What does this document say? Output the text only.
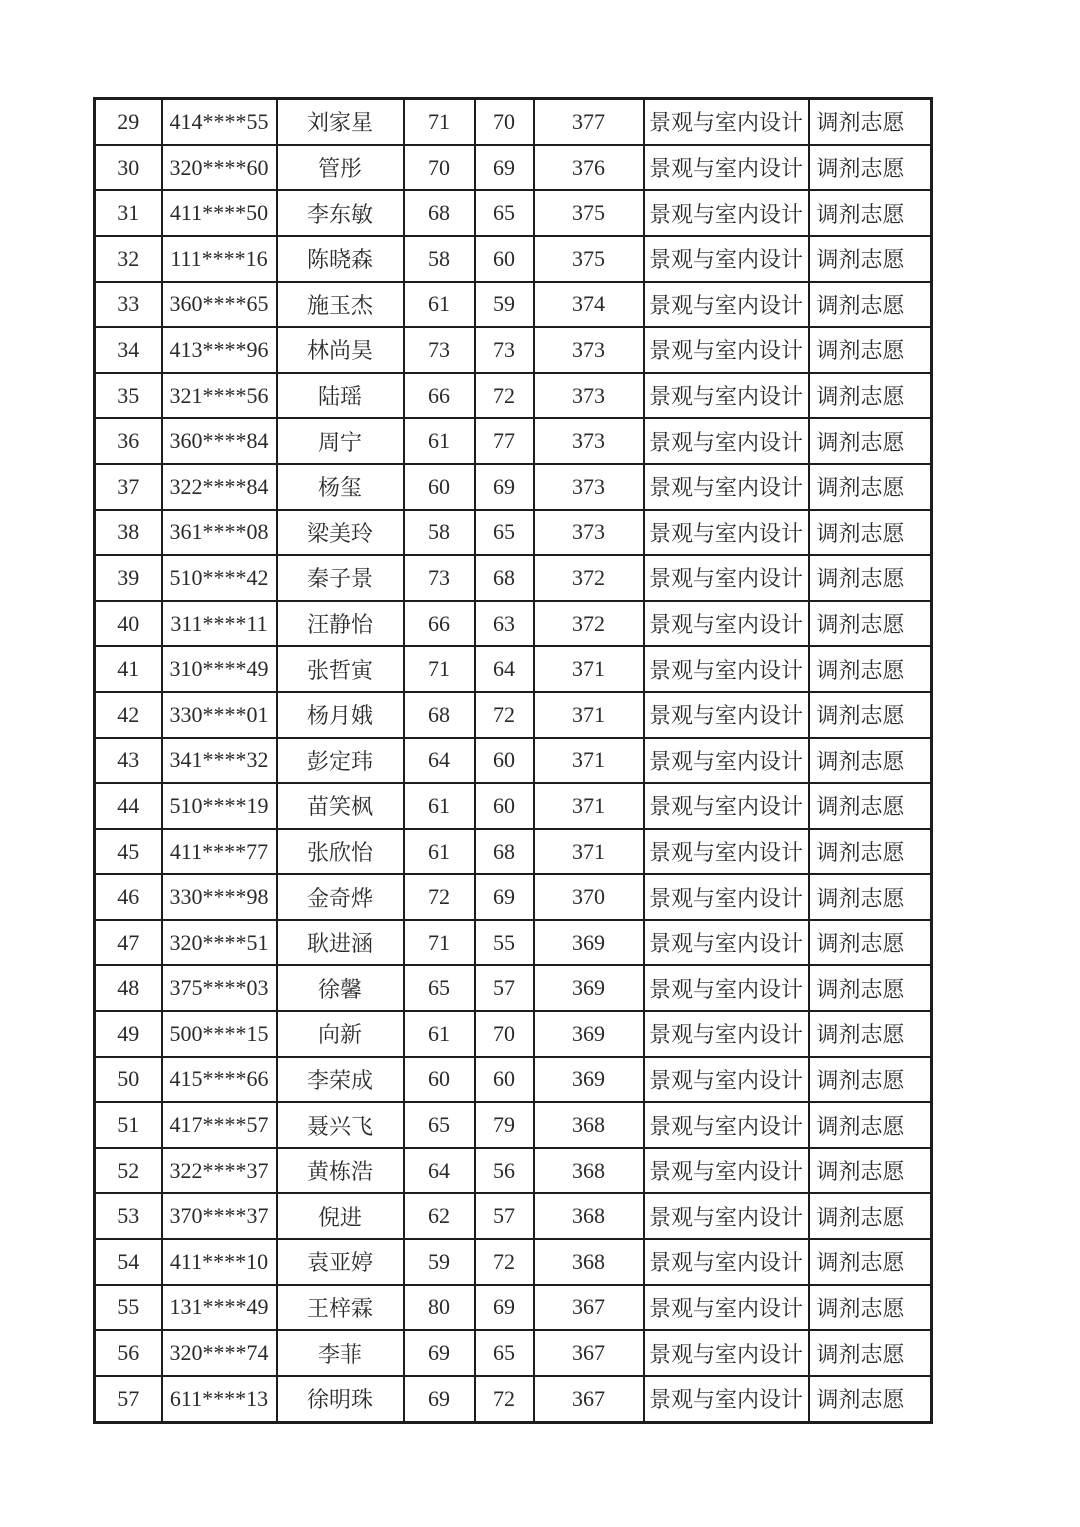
29	414****55	刘家星	71	70	377	景观与室内设计	调剂志愿
30	320****60	管彤	70	69	376	景观与室内设计	调剂志愿
31	411****50	李东敏	68	65	375	景观与室内设计	调剂志愿
32	111****16	陈晓森	58	60	375	景观与室内设计	调剂志愿
33	360****65	施玉杰	61	59	374	景观与室内设计	调剂志愿
34	413****96	林尚昊	73	73	373	景观与室内设计	调剂志愿
35	321****56	陆瑶	66	72	373	景观与室内设计	调剂志愿
36	360****84	周宁	61	77	373	景观与室内设计	调剂志愿
37	322****84	杨玺	60	69	373	景观与室内设计	调剂志愿
38	361****08	梁美玲	58	65	373	景观与室内设计	调剂志愿
39	510****42	秦子景	73	68	372	景观与室内设计	调剂志愿
40	311****11	汪静怡	66	63	372	景观与室内设计	调剂志愿
41	310****49	张哲寅	71	64	371	景观与室内设计	调剂志愿
42	330****01	杨月娥	68	72	371	景观与室内设计	调剂志愿
43	341****32	彭定玮	64	60	371	景观与室内设计	调剂志愿
44	510****19	苗笑枫	61	60	371	景观与室内设计	调剂志愿
45	411****77	张欣怡	61	68	371	景观与室内设计	调剂志愿
46	330****98	金奇烨	72	69	370	景观与室内设计	调剂志愿
47	320****51	耿进涵	71	55	369	景观与室内设计	调剂志愿
48	375****03	徐馨	65	57	369	景观与室内设计	调剂志愿
49	500****15	向新	61	70	369	景观与室内设计	调剂志愿
50	415****66	李荣成	60	60	369	景观与室内设计	调剂志愿
51	417****57	聂兴飞	65	79	368	景观与室内设计	调剂志愿
52	322****37	黄栋浩	64	56	368	景观与室内设计	调剂志愿
53	370****37	倪进	62	57	368	景观与室内设计	调剂志愿
54	411****10	袁亚婷	59	72	368	景观与室内设计	调剂志愿
55	131****49	王梓霖	80	69	367	景观与室内设计	调剂志愿
56	320****74	李菲	69	65	367	景观与室内设计	调剂志愿
57	611****13	徐明珠	69	72	367	景观与室内设计	调剂志愿
